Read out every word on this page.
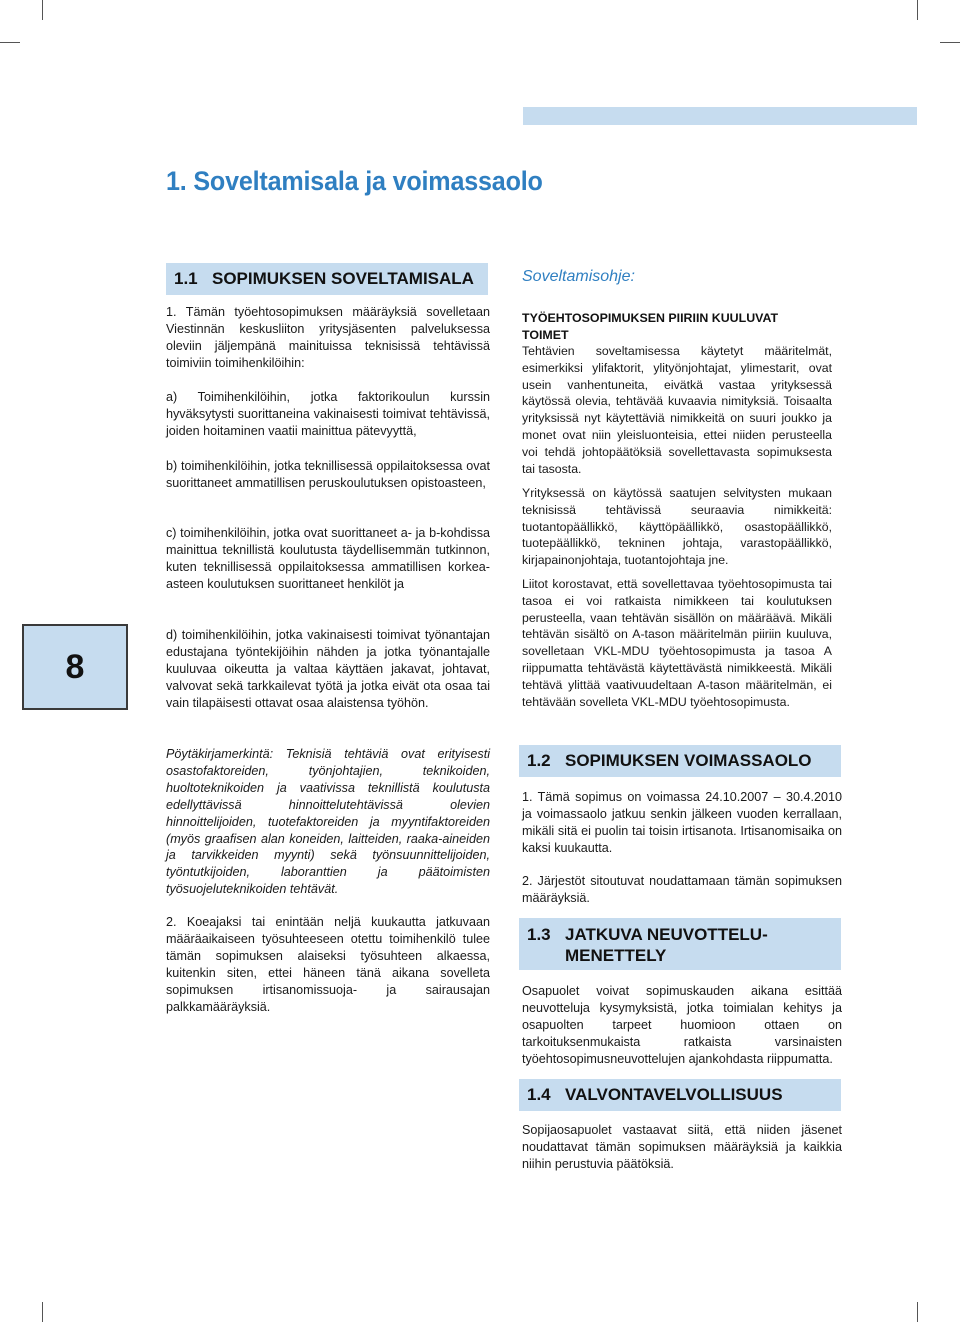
1. Soveltamisala ja voimassaolo
1.1 SOPIMUKSEN SOVELTAMISALA

1. Tämän työehtosopimuksen määräyksiä sovelletaan Viestinnän keskusliiton yritysjäsenten palveluksessa oleviin jäljempänä mainituissa teknisissä tehtävissä toimiviin toimihenkilöihin:

a) Toimihenkilöihin, jotka faktorikoulun kurssin hyväksytysti suorittaneina vakinaisesti toimivat tehtävissä, joiden hoitaminen vaatii mainittua pätevyyttä,

b) toimihenkilöihin, jotka teknillisessä oppilaitoksessa ovat suorittaneet ammatillisen peruskoulutuksen opistoasteen,

c) toimihenkilöihin, jotka ovat suorittaneet a- ja b-kohdissa mainittua teknillistä koulutusta täydellisemmän tutkinnon, kuten teknillisessä oppilaitoksessa ammatillisen korkea-asteen koulutuksen suorittaneet henkilöt ja

d) toimihenkilöihin, jotka vakinaisesti toimivat työnantajan edustajana työntekijöihin nähden ja jotka työnantajalle kuuluvaa oikeutta ja valtaa käyttäen jakavat, johtavat, valvovat sekä tarkkailevat työtä ja jotka eivät ota osaa tai vain tilapäisesti ottavat osaa alaistensa työhön.

Pöytäkirjamerkintä: Teknisiä tehtäviä ovat erityisesti osastofaktoreiden, työnjohtajien, teknikoiden, huoltoteknikoiden ja vaativissa teknillistä koulutusta edellyttävissä hinnoittelutehtävissä olevien hinnoittelijoiden, tuotefaktoreiden ja myyntifaktoreiden (myös graafisen alan koneiden, laitteiden, raaka-aineiden ja tarvikkeiden myynti) sekä työnsuunnittelijoiden, työntutkijoiden, laboranttien ja päätoimisten työsuojeluteknikoiden tehtävät.

2. Koeajaksi tai enintään neljä kuukautta jatkuvaan määräaikaiseen työsuhteeseen otettu toimihenkilö tulee tämän sopimuksen alaiseksi työsuhteen alkaessa, kuitenkin siten, ettei häneen tänä aikana sovelleta sopimuksen irtisanomissuoja- ja sairausajan palkkamääräyksiä.

Soveltamisohje:
TYÖEHTOSOPIMUKSEN PIIRIIN KUULUVAT TOIMET

Tehtävien soveltamisessa käytetyt määritelmät, esimerkiksi ylifaktorit, ylityönjohtajat, ylimestarit, ovat usein vanhentuneita, eivätkä vastaa yrityksessä käytössä olevia, tehtävää kuvaavia nimityksiä. Toisaalta yrityksissä nyt käytettäviä nimikkeitä on suuri joukko ja monet ovat niin yleisluonteisia, ettei niiden perusteella voi tehdä johtopäätöksiä sovellettavasta sopimuksesta tai tasosta.

Yrityksessä on käytössä saatujen selvitysten mukaan teknisissä tehtävissä seuraavia nimikkeitä: tuotantopäällikkö, käyttöpäällikkö, osastopäällikkö, tuotepäällikkö, tekninen johtaja, varastopäällikkö, kirjapainonjohtaja, tuotantojohtaja jne.

Liitot korostavat, että sovellettavaa työehtosopimusta tai tasoa ei voi ratkaista nimikkeen tai koulutuksen perusteella, vaan tehtävän sisällön on määräävä. Mikäli tehtävän sisältö on A-tason määritelmän piiriin kuuluva, sovelletaan VKL-MDU työehtosopimusta ja tasoa A riippumatta tehtävästä käytettävästä nimikkeestä. Mikäli tehtävä ylittää vaativuudeltaan A-tason määritelmän, ei tehtävään sovelleta VKL-MDU työehtosopimusta.

1.2 SOPIMUKSEN VOIMASSAOLO

1. Tämä sopimus on voimassa 24.10.2007 – 30.4.2010 ja voimassaolo jatkuu senkin jälkeen vuoden kerrallaan, mikäli sitä ei puolin tai toisin irtisanota. Irtisanomisaika on kaksi kuukautta.

2. Järjestöt sitoutuvat noudattamaan tämän sopimuksen määräyksiä.

1.3 JATKUVA NEUVOTTELU-
MENETTELY

Osapuolet voivat sopimuskauden aikana esittää neuvotteluja kysymyksistä, jotka toimialan kehitys ja osapuolten tarpeet huomioon ottaen on tarkoituksenmukaista ratkaista varsinaisten työehtosopimusneuvottelujen ajankohdasta riippumatta.

1.4 VALVONTAVELVOLLISUUS

Sopijaosapuolet vastaavat siitä, että niiden jäsenet noudattavat tämän sopimuksen määräyksiä ja kaikkia niihin perustuvia päätöksiä.

8
